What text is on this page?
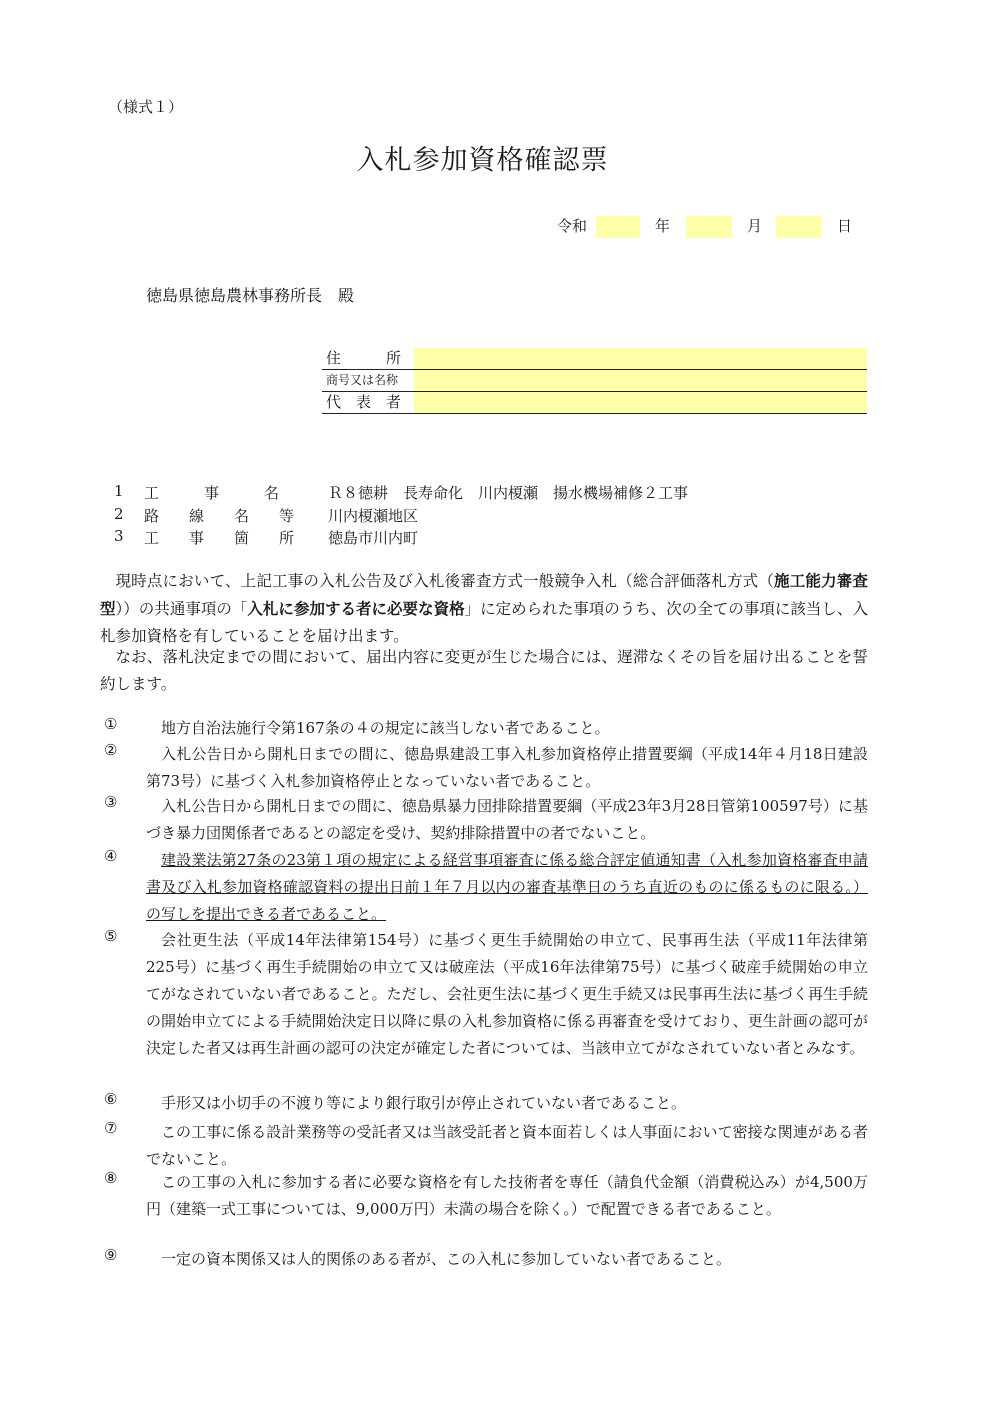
（様式１）
入札参加資格確認票
令和	年	月	日
徳島県徳島農林事務所長　殿
住　　　所
商号又は名称
代　表　者
1 工　　　事　　　名	Ｒ８徳耕　長寿命化　川内榎瀬　揚水機場補修２工事
2 路　　線　　名　　等 川内榎瀬地区
3 工　　事　　箇　　所 徳島市川内町
現時点において、上記工事の入札公告及び入札後審査方式一般競争入札（総合評価落札方式（施工能力審査型））の共通事項の「入札に参加する者に必要な資格」に定められた事項のうち、次の全ての事項に該当し、入札参加資格を有していることを届け出ます。
なお、落札決定までの間において、届出内容に変更が生じた場合には、遅滞なくその旨を届け出ることを誓約します。
①	地方自治法施行令第167条の４の規定に該当しない者であること。
②	入札公告日から開札日までの間に、徳島県建設工事入札参加資格停止措置要綱（平成14年４月18日建設第73号）に基づく入札参加資格停止となっていない者であること。
③	入札公告日から開札日までの間に、徳島県暴力団排除措置要綱（平成23年3月28日管第100597号）に基づき暴力団関係者であるとの認定を受け、契約排除措置中の者でないこと。
④	建設業法第27条の23第１項の規定による経営事項審査に係る総合評定値通知書（入札参加資格審査申請書及び入札参加資格確認資料の提出日前１年７月以内の審査基準日のうち直近のものに係るものに限る。）の写しを提出できる者であること。
⑤	会社更生法（平成14年法律第154号）に基づく更生手続開始の申立て、民事再生法（平成11年法律第225号）に基づく再生手続開始の申立て又は破産法（平成16年法律第75号）に基づく破産手続開始の申立てがなされていない者であること。ただし、会社更生法に基づく更生手続又は民事再生法に基づく再生手続の開始申立てによる手続開始決定日以降に県の入札参加資格に係る再審査を受けており、更生計画の認可が決定した者又は再生計画の認可の決定が確定した者については、当該申立てがなされていない者とみなす。
⑥	手形又は小切手の不渡り等により銀行取引が停止されていない者であること。
⑦	この工事に係る設計業務等の受託者又は当該受託者と資本面若しくは人事面において密接な関連がある者でないこと。
⑧	この工事の入札に参加する者に必要な資格を有した技術者を専任（請負代金額（消費税込み）が4,500万円（建築一式工事については、9,000万円）未満の場合を除く。）で配置できる者であること。
⑨	一定の資本関係又は人的関係のある者が、この入札に参加していない者であること。
